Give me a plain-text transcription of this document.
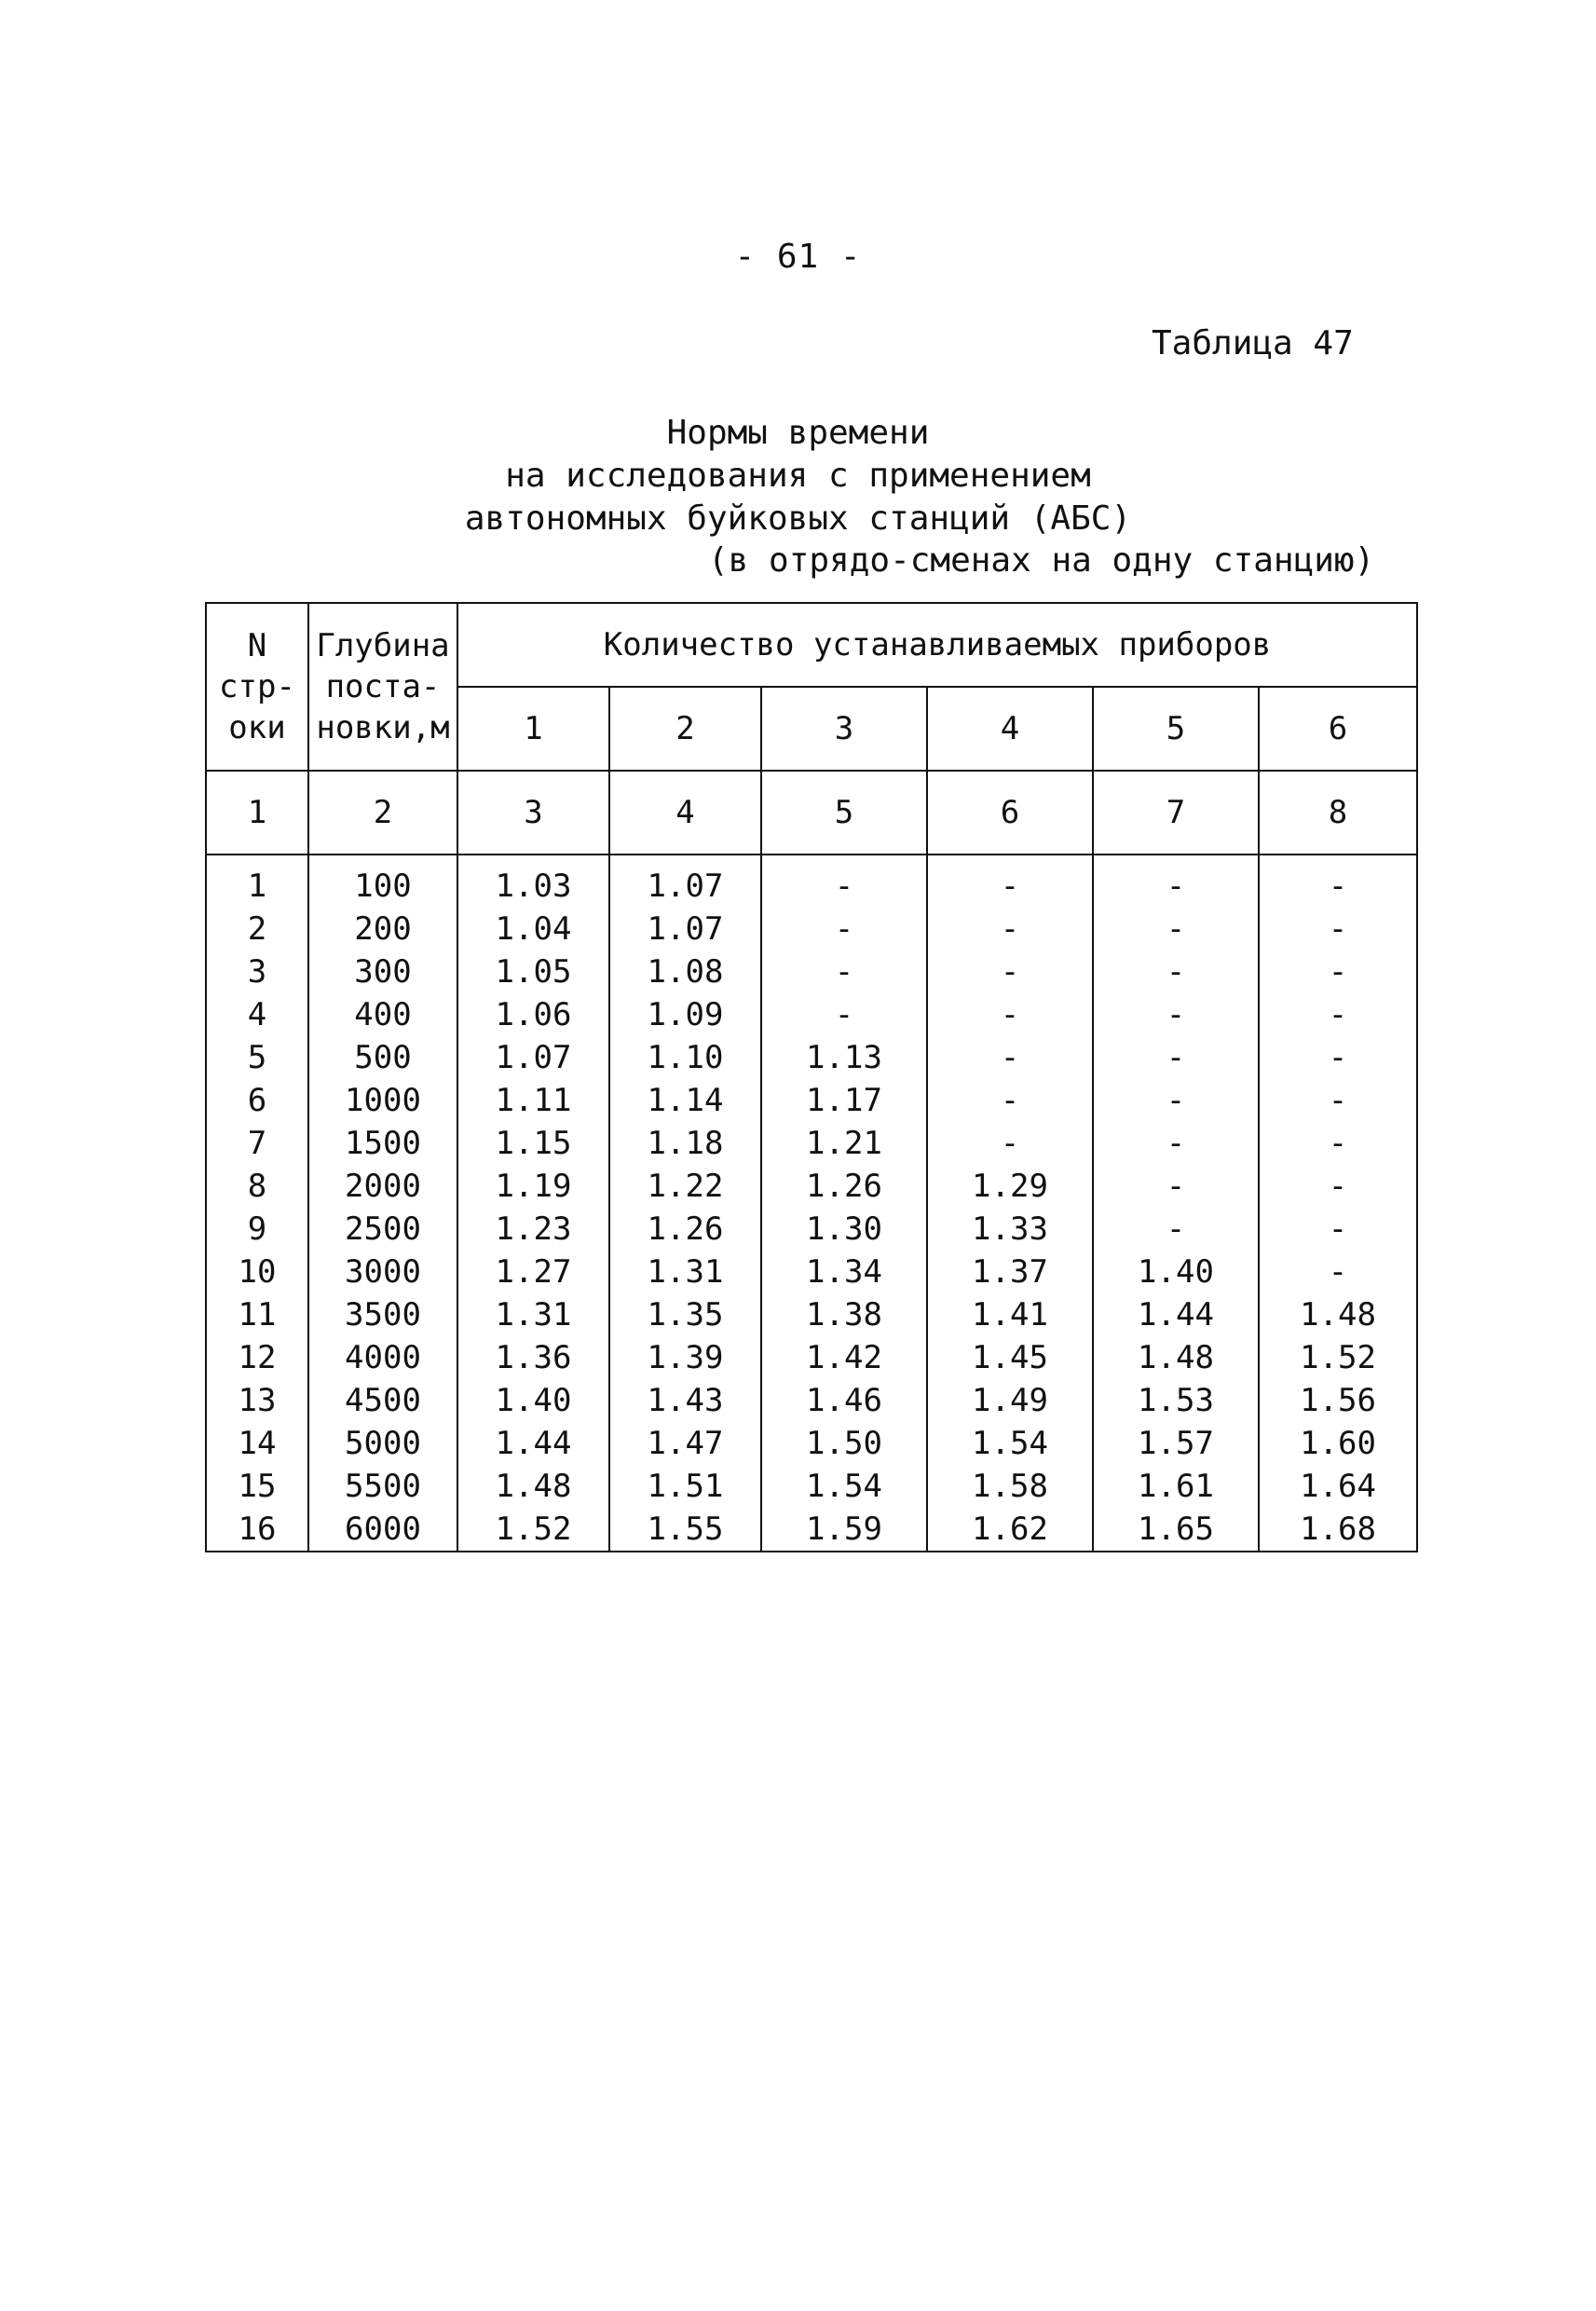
- 61 -
Таблица 47
Нормы времени
на исследования с применением
автономных буйковых станций (АБС)
(в отрядо-сменах на одну станцию)
N
стр-
оки	Глубина
поста-
новки,м	Количество устанавливаемых приборов					
		1	2	3	4	5	6
1	2	3	4	5	6	7	8
1	100	1.03	1.07	-	-	-	-
2	200	1.04	1.07	-	-	-	-
3	300	1.05	1.08	-	-	-	-
4	400	1.06	1.09	-	-	-	-
5	500	1.07	1.10	1.13	-	-	-
6	1000	1.11	1.14	1.17	-	-	-
7	1500	1.15	1.18	1.21	-	-	-
8	2000	1.19	1.22	1.26	1.29	-	-
9	2500	1.23	1.26	1.30	1.33	-	-
10	3000	1.27	1.31	1.34	1.37	1.40	-
11	3500	1.31	1.35	1.38	1.41	1.44	1.48
12	4000	1.36	1.39	1.42	1.45	1.48	1.52
13	4500	1.40	1.43	1.46	1.49	1.53	1.56
14	5000	1.44	1.47	1.50	1.54	1.57	1.60
15	5500	1.48	1.51	1.54	1.58	1.61	1.64
16	6000	1.52	1.55	1.59	1.62	1.65	1.68
